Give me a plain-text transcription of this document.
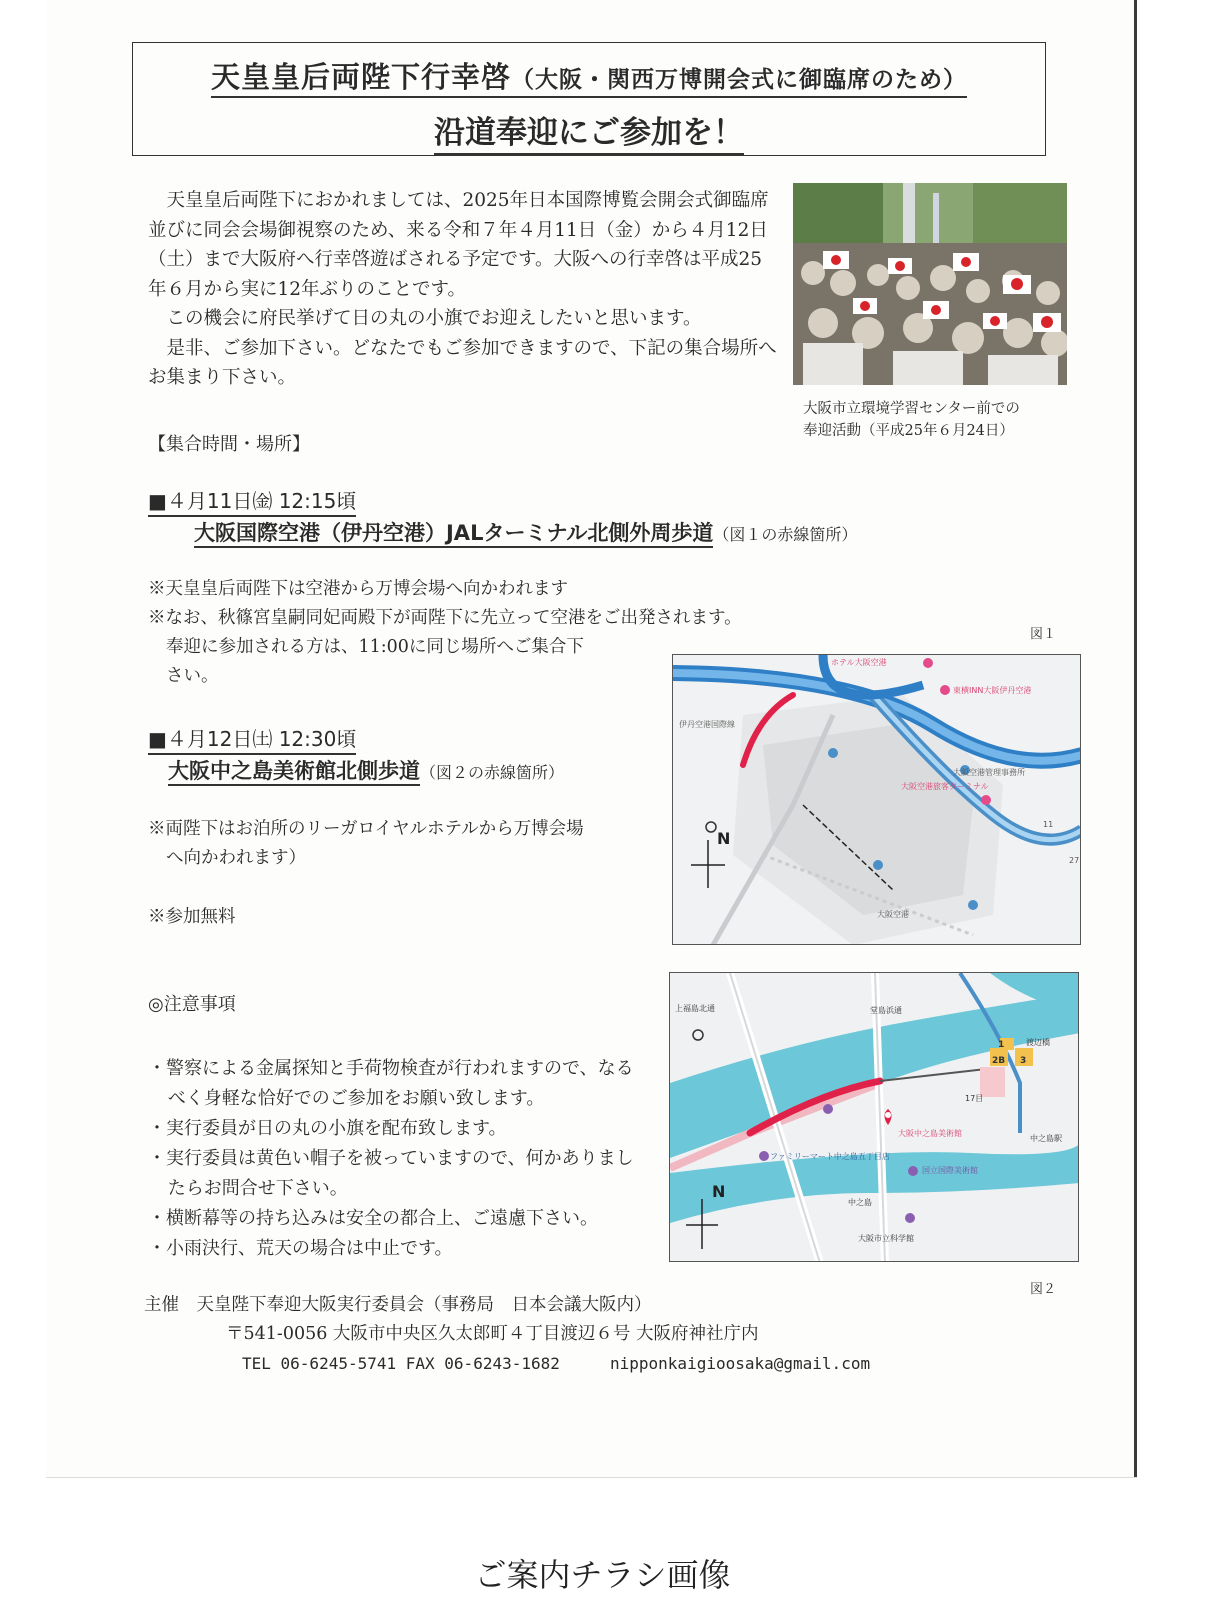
天皇皇后両陛下行幸啓（大阪・関西万博開会式に御臨席のため）
沿道奉迎にご参加を！

天皇皇后両陛下におかれましては、2025年日本国際博覧会開会式御臨席並びに同会会場御視察のため、来る令和７年４月11日（金）から４月12日（土）まで大阪府へ行幸啓遊ばされる予定です。大阪への行幸啓は平成25年６月から実に12年ぶりのことです。

この機会に府民挙げて日の丸の小旗でお迎えしたいと思います。

是非、ご参加下さい。どなたでもご参加できますので、下記の集合場所へお集まり下さい。

大阪市立環境学習センター前での
奉迎活動（平成25年６月24日）
【集合時間・場所】
■４月11日㈮ 12:15頃
大阪国際空港（伊丹空港）JALターミナル北側外周歩道（図１の赤線箇所）
※天皇皇后両陛下は空港から万博会場へ向かわれます
※なお、秋篠宮皇嗣同妃両殿下が両陛下に先立って空港をご出発されます。
奉迎に参加される方は、11:00に同じ場所へご集合下
さい。
■４月12日㈯ 12:30頃
大阪中之島美術館北側歩道（図２の赤線箇所）
※両陛下はお泊所のリーガロイヤルホテルから万博会場
へ向かわれます）
※参加無料
図１
ホテル大阪空港
東横INN大阪伊丹空港
大阪空港旅客ターミナル
伊丹空港国際線
大阪空港
大阪空港管理事務所
11
27
N
◎注意事項
・警察による金属探知と手荷物検査が行われますので、なるべく身軽な恰好でのご参加をお願い致します。
・実行委員が日の丸の小旗を配布致します。
・実行委員は黄色い帽子を被っていますので、何かありましたらお問合せ下さい。
・横断幕等の持ち込みは安全の都合上、ご遠慮下さい。
・小雨決行、荒天の場合は中止です。
大阪中之島美術館
ファミリーマート中之島五丁目店
国立国際美術館
大阪市立科学館
中之島
渡辺橋
中之島駅
堂島浜通
上福島北通
17目
1
2B 3
N
図２
主催　天皇陛下奉迎大阪実行委員会（事務局　日本会議大阪内）
〒541-0056 大阪市中央区久太郎町４丁目渡辺６号 大阪府神社庁内
TEL 06-6245-5741 FAX 06-6243-1682	nipponkaigioosaka@gmail.com
ご案内チラシ画像
